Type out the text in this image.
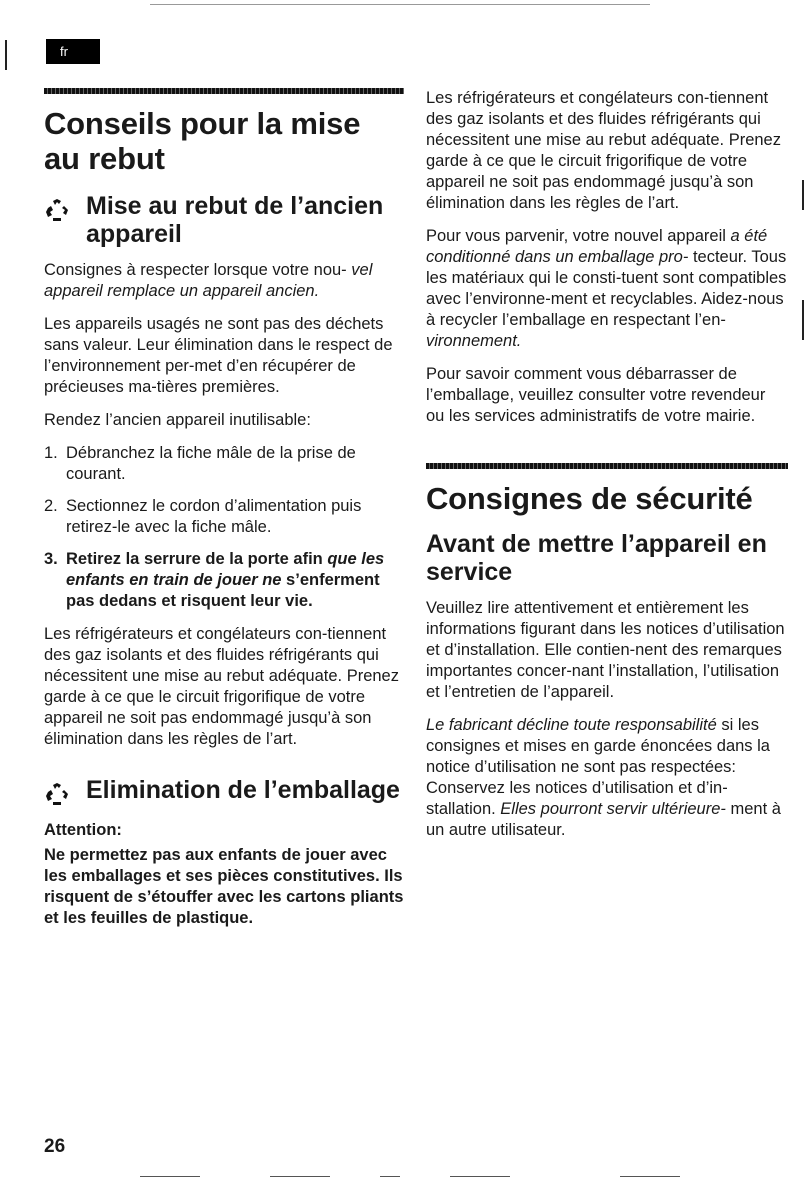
fr
Conseils pour la mise au rebut
Mise au rebut de l’ancien appareil

Consignes à respecter lorsque votre nou- vel appareil remplace un appareil ancien.

Les appareils usagés ne sont pas des déchets sans valeur. Leur élimination dans le respect de l’environnement per-met d’en récupérer de précieuses ma-tières premières.

Rendez l’ancien appareil inutilisable:

1. Débranchez la fiche mâle de la prise de courant.
2. Sectionnez le cordon d’alimentation puis retirez-le avec la fiche mâle.
3. Retirez la serrure de la porte afin que les enfants en train de jouer ne s’enferment pas dedans et risquent leur vie.

Les réfrigérateurs et congélateurs con-tiennent des gaz isolants et des fluides réfrigérants qui nécessitent une mise au rebut adéquate. Prenez garde à ce que le circuit frigorifique de votre appareil ne soit pas endommagé jusqu’à son élimination dans les règles de l’art.

Elimination de l’emballage
Attention:
Ne permettez pas aux enfants de jouer avec les emballages et ses pièces constitutives. Ils risquent de s’étouffer avec les cartons pliants et les feuilles de plastique.

Les réfrigérateurs et congélateurs con-tiennent des gaz isolants et des fluides réfrigérants qui nécessitent une mise au rebut adéquate. Prenez garde à ce que le circuit frigorifique de votre appareil ne soit pas endommagé jusqu’à son élimination dans les règles de l’art.

Pour vous parvenir, votre nouvel appareil a été conditionné dans un emballage pro- tecteur. Tous les matériaux qui le consti-tuent sont compatibles avec l’environne-ment et recyclables. Aidez-nous à recycler l’emballage en respectant l’en- vironnement.

Pour savoir comment vous débarrasser de l’emballage, veuillez consulter votre revendeur ou les services administratifs de votre mairie.

Consignes de sécurité
Avant de mettre l’appareil en service

Veuillez lire attentivement et entièrement les informations figurant dans les notices d’utilisation et d’installation. Elle contien-nent des remarques importantes concer-nant l’installation, l’utilisation et l’entretien de l’appareil.

Le fabricant décline toute responsabilité si les consignes et mises en garde énoncées dans la notice d’utilisation ne sont pas respectées:

Conservez les notices d’utilisation et d’in-stallation. Elles pourront servir ultérieure- ment à un autre utilisateur.

26
